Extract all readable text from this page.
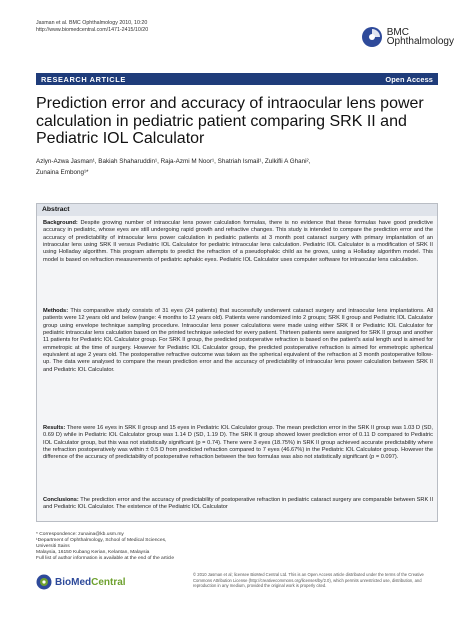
Jasman et al. BMC Ophthalmology 2010, 10:20
http://www.biomedcentral.com/1471-2415/10/20	BMC
Ophthalmology
RESEARCH ARTICLE	Open Access
Prediction error and accuracy of intraocular lens power calculation in pediatric patient comparing SRK II and Pediatric IOL Calculator
Azlyn-Azwa Jasman¹, Bakiah Shaharuddin¹, Raja-Azmi M Noor¹, Shatriah Ismail¹, Zulkifli A Ghani²,
Zunaina Embong¹*
Abstract

Background: Despite growing number of intraocular lens power calculation formulas, there is no evidence that these formulas have good predictive accuracy in pediatric, whose eyes are still undergoing rapid growth and refractive changes. This study is intended to compare the prediction error and the accuracy of predictability of intraocular lens power calculation in pediatric patients at 3 month post cataract surgery with primary implantation of an intraocular lens using SRK II versus Pediatric IOL Calculator for pediatric intraocular lens calculation. Pediatric IOL Calculator is a modification of SRK II using Holladay algorithm. This program attempts to predict the refraction of a pseudophakic child as he grows, using a Holladay algorithm model. This model is based on refraction measurements of pediatric aphakic eyes. Pediatric IOL Calculator uses computer software for intraocular lens calculation.

Methods: This comparative study consists of 31 eyes (24 patients) that successfully underwent cataract surgery and intraocular lens implantations. All patients were 12 years old and below (range: 4 months to 12 years old). Patients were randomized into 2 groups; SRK II group and Pediatric IOL Calculator group using envelope technique sampling procedure. Intraocular lens power calculations were made using either SRK II or Pediatric IOL Calculator for pediatric intraocular lens calculation based on the printed technique selected for every patient. Thirteen patients were assigned for SRK II group and another 11 patients for Pediatric IOL Calculator group. For SRK II group, the predicted postoperative refraction is based on the patient's axial length and is aimed for emmetropic at the time of surgery. However for Pediatric IOL Calculator group, the predicted postoperative refraction is aimed for emmetropic spherical equivalent at age 2 years old. The postoperative refractive outcome was taken as the spherical equivalent of the refraction at 3 month postoperative follow-up. The data were analysed to compare the mean prediction error and the accuracy of predictability of intraocular lens power calculation between SRK II and Pediatric IOL Calculator.

Results: There were 16 eyes in SRK II group and 15 eyes in Pediatric IOL Calculator group. The mean prediction error in the SRK II group was 1.03 D (SD, 0.69 D) while in Pediatric IOL Calculator group was 1.14 D (SD, 1.19 D). The SRK II group showed lower prediction error of 0.11 D compared to Pediatric IOL Calculator group, but this was not statistically significant (p = 0.74). There were 3 eyes (18.75%) in SRK II group achieved accurate predictability where the refraction postoperatively was within ± 0.5 D from predicted refraction compared to 7 eyes (46.67%) in the Pediatric IOL Calculator group. However the difference of the accuracy of predictability of postoperative refraction between the two formulas was also not statistically significant (p = 0.097).

Conclusions: The prediction error and the accuracy of predictability of postoperative refraction in pediatric cataract surgery are comparable between SRK II and Pediatric IOL Calculator. The existence of the Pediatric IOL Calculator

* Correspondence: zunaina@kb.usm.my
¹Department of Ophthalmology, School of Medical Sciences, Universiti Sains
Malaysia, 16150 Kubang Kerian, Kelantan, Malaysia
Full list of author information is available at the end of the article
BioMedCentral
© 2010 Jasman et al; licensee BioMed Central Ltd. This is an Open Access article distributed under the terms of the Creative Commons Attribution License (http://creativecommons.org/licenses/by/2.0), which permits unrestricted use, distribution, and reproduction in any medium, provided the original work is properly cited.
